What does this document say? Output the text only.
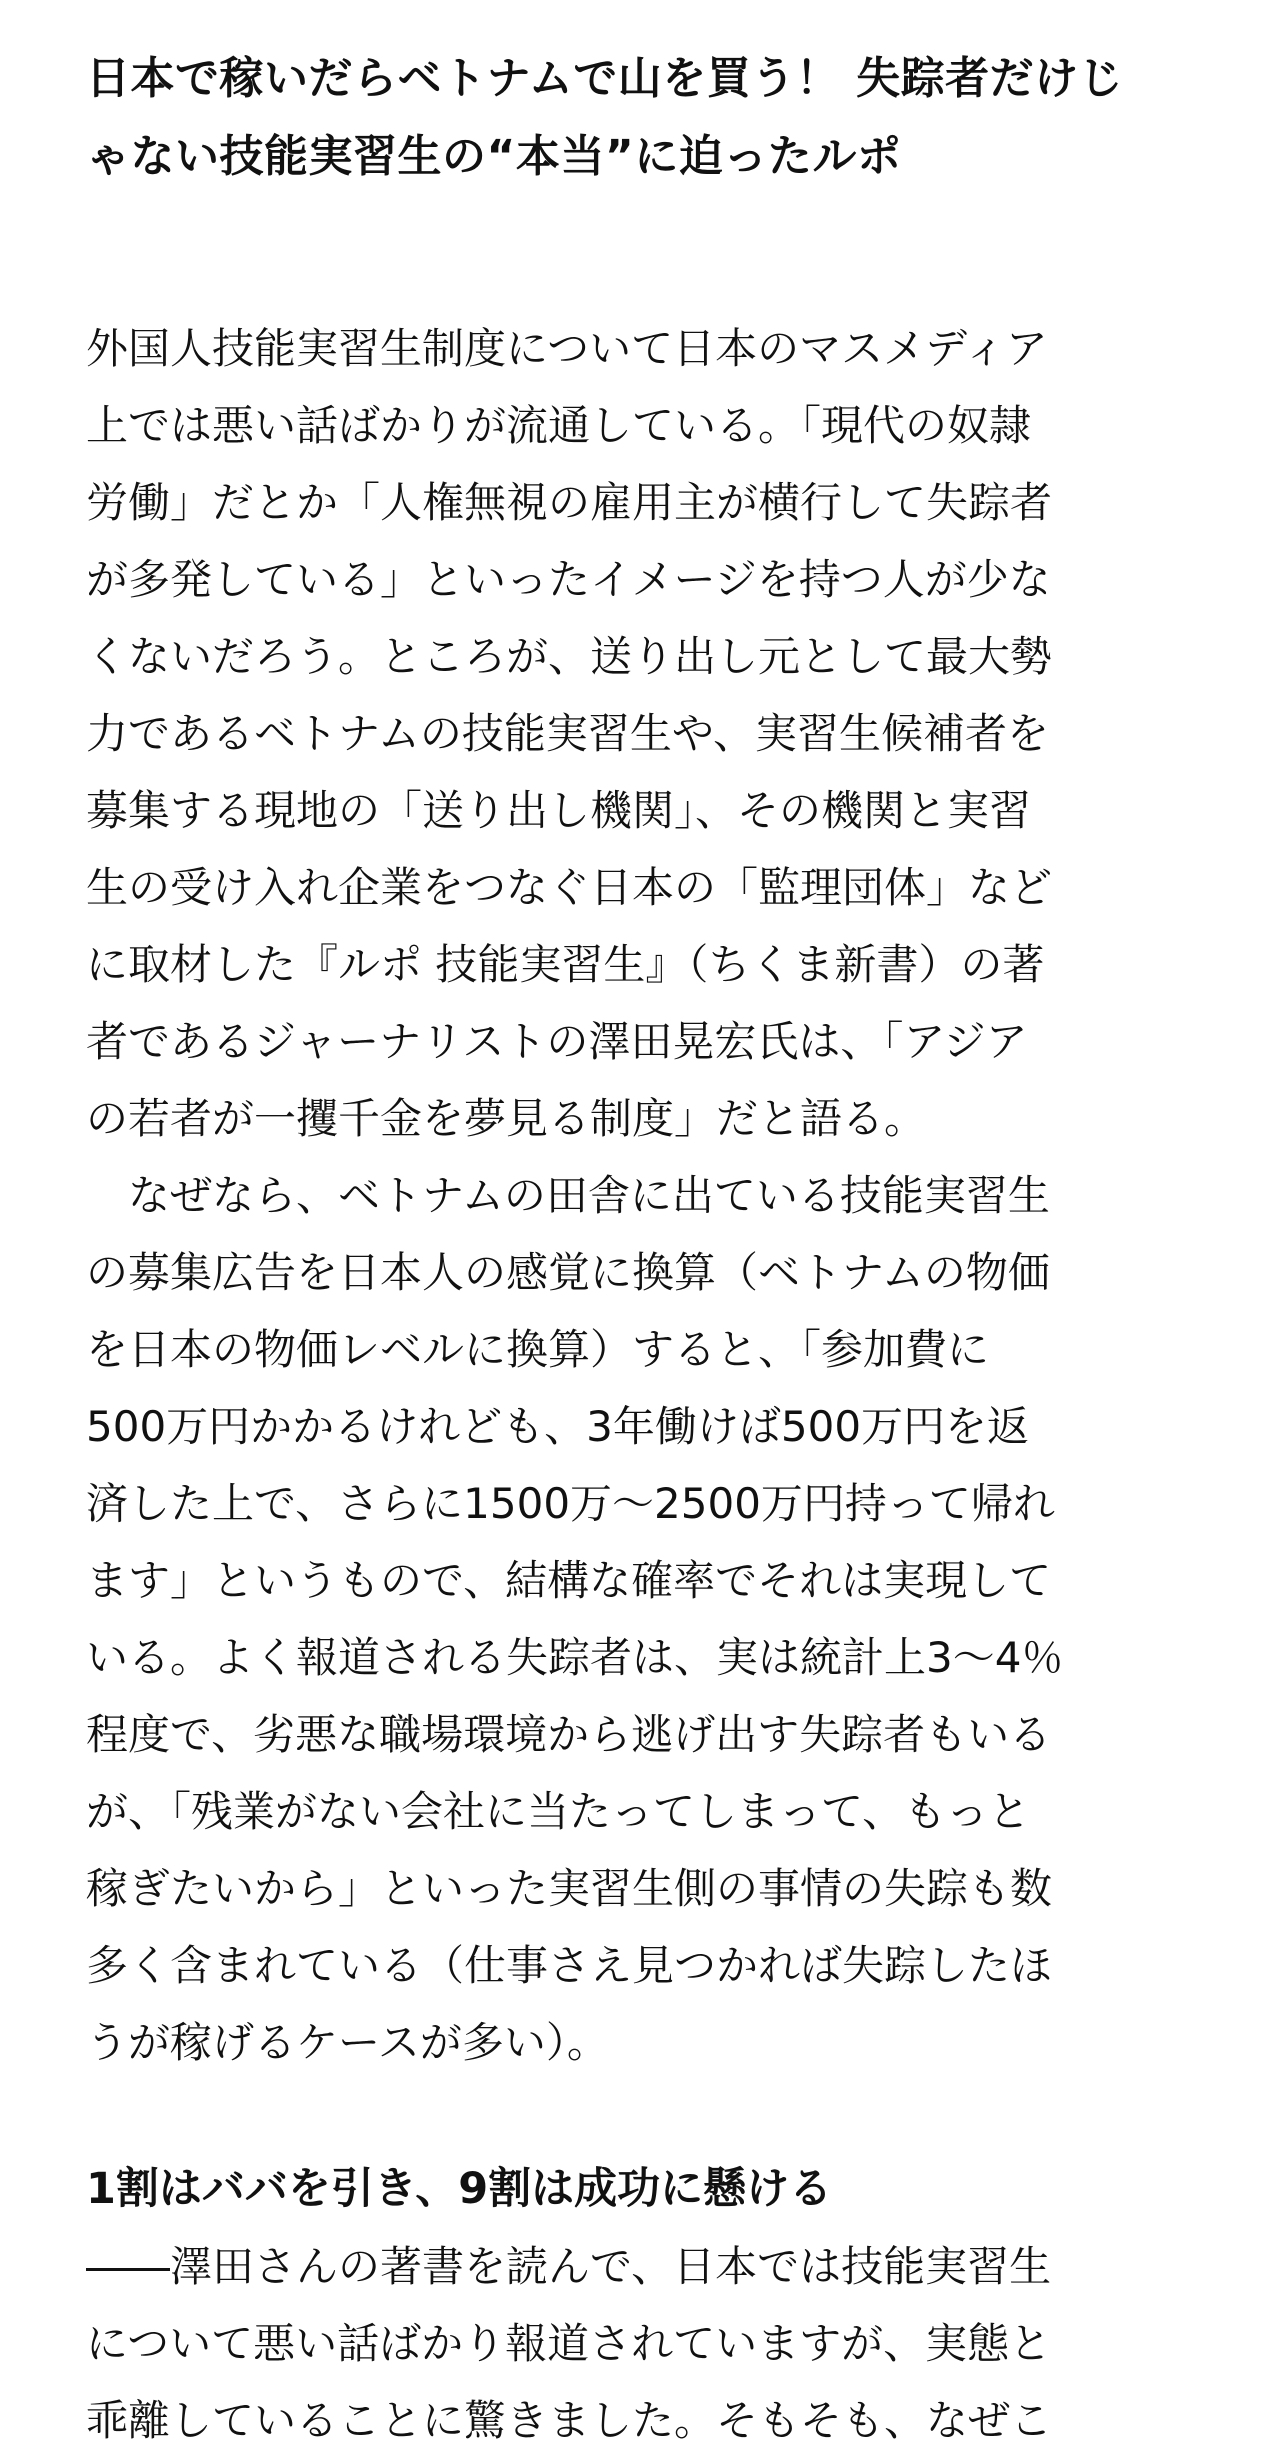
日本で稼いだらベトナムで山を買う！ 失踪者だけじ
ゃない技能実習生の“本当”に迫ったルポ

外国人技能実習生制度について日本のマスメディア
上では悪い話ばかりが流通している。「現代の奴隷
労働」だとか「人権無視の雇用主が横行して失踪者
が多発している」といったイメージを持つ人が少な
くないだろう。ところが、送り出し元として最大勢
力であるベトナムの技能実習生や、実習生候補者を
募集する現地の「送り出し機関」、その機関と実習
生の受け入れ企業をつなぐ日本の「監理団体」など
に取材した『ルポ 技能実習生』（ちくま新書）の著
者であるジャーナリストの澤田晃宏氏は、「アジア
の若者が一攫千金を夢見る制度」だと語る。

　なぜなら、ベトナムの田舎に出ている技能実習生
の募集広告を日本人の感覚に換算（ベトナムの物価
を日本の物価レベルに換算）すると、「参加費に
500万円かかるけれども、3年働けば500万円を返
済した上で、さらに1500万〜2500万円持って帰れ
ます」というもので、結構な確率でそれは実現して
いる。よく報道される失踪者は、実は統計上3〜4％
程度で、劣悪な職場環境から逃げ出す失踪者もいる
が、「残業がない会社に当たってしまって、もっと
稼ぎたいから」といった実習生側の事情の失踪も数
多く含まれている（仕事さえ見つかれば失踪したほ
うが稼げるケースが多い）。

1割はババを引き、9割は成功に懸ける

――澤田さんの著書を読んで、日本では技能実習生
について悪い話ばかり報道されていますが、実態と
乖離していることに驚きました。そもそも、なぜこ
